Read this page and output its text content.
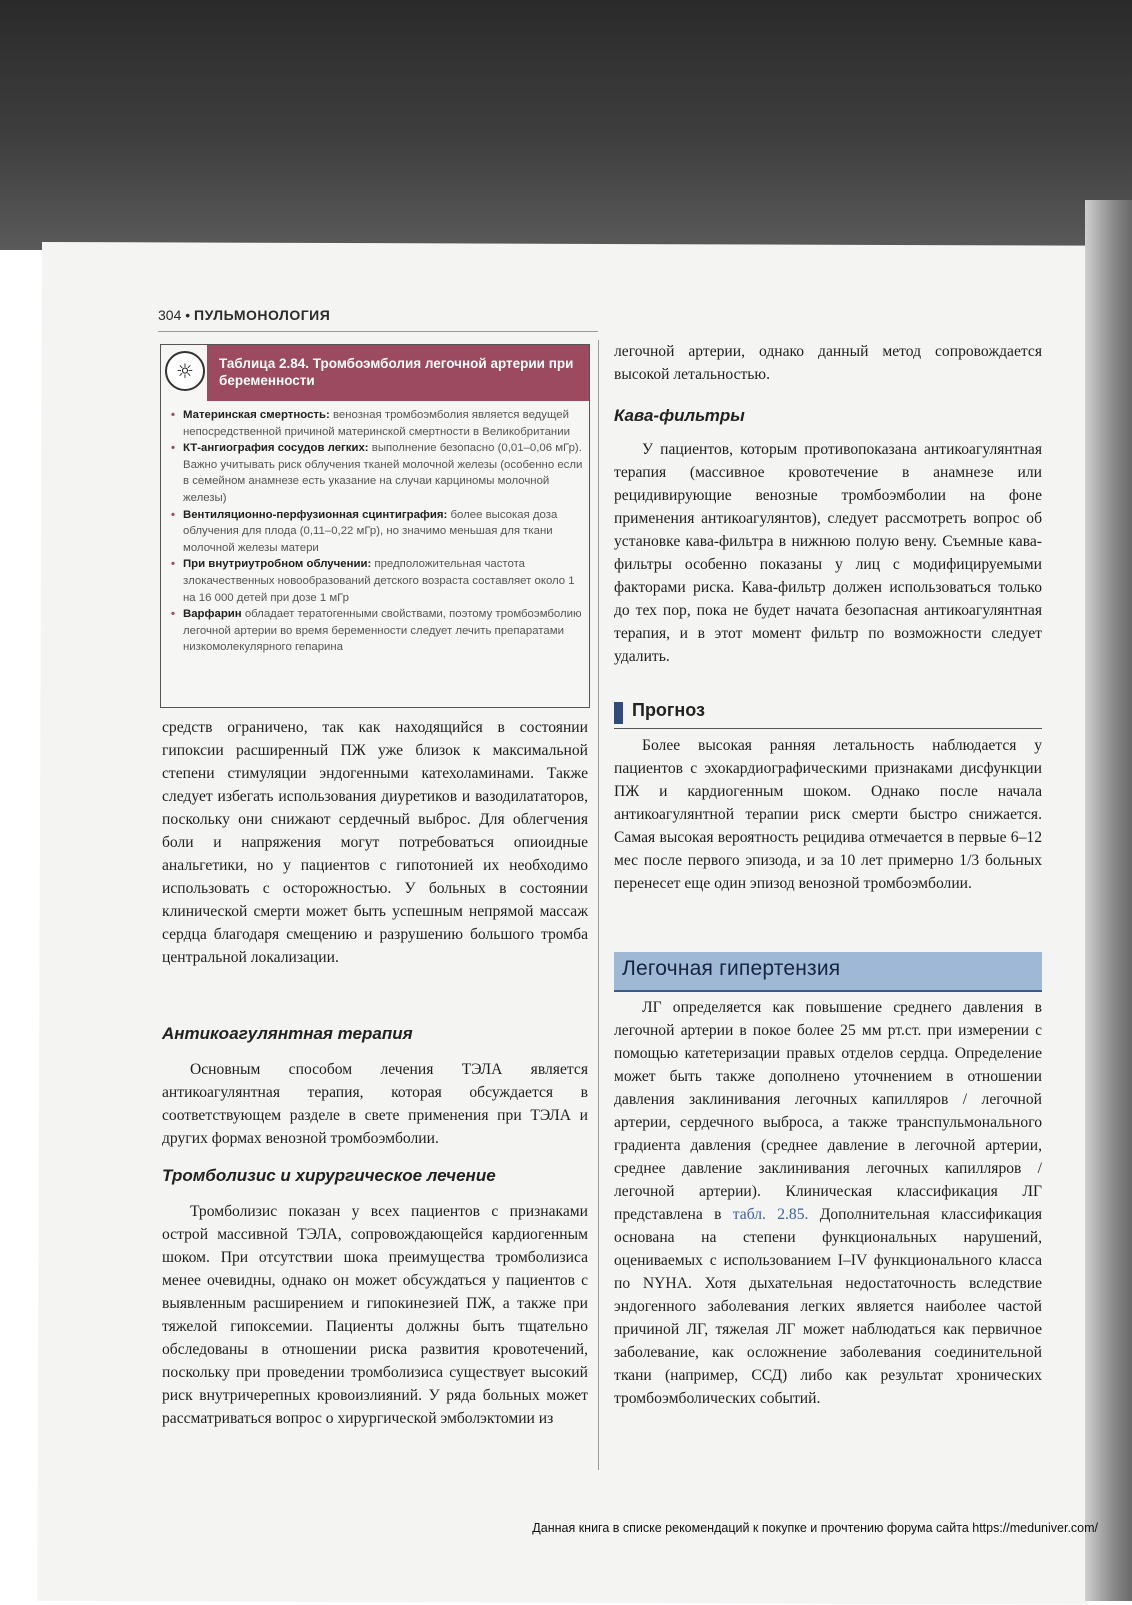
304 • ПУЛЬМОНОЛОГИЯ
☼	Таблица 2.84. Тромбоэмболия легочной артерии при беременности
• Материнская смертность: венозная тромбоэмболия является ведущей непосредственной причиной материнской смертности в Великобритании
• КТ-ангиография сосудов легких: выполнение безопасно (0,01–0,06 мГр). Важно учитывать риск облучения тканей молочной железы (особенно если в семейном анамнезе есть указание на случаи карциномы молочной железы)
• Вентиляционно-перфузионная сцинтиграфия: более высокая доза облучения для плода (0,11–0,22 мГр), но значимо меньшая для ткани молочной железы матери
• При внутриутробном облучении: предположительная частота злокачественных новообразований детского возраста составляет около 1 на 16 000 детей при дозе 1 мГр
• Варфарин обладает тератогенными свойствами, поэтому тромбоэмболию легочной артерии во время беременности следует лечить препаратами низкомолекулярного гепарина

средств ограничено, так как находящийся в состоянии гипоксии расширенный ПЖ уже близок к максимальной степени стимуляции эндогенными катехоламинами. Также следует избегать использования диуретиков и вазодилататоров, поскольку они снижают сердечный выброс. Для облегчения боли и напряжения могут потребоваться опиоидные анальгетики, но у пациентов с гипотонией их необходимо использовать с осторожностью. У больных в состоянии клинической смерти может быть успешным непрямой массаж сердца благодаря смещению и разрушению большого тромба центральной локализации.

Антикоагулянтная терапия

Основным способом лечения ТЭЛА является антикоагулянтная терапия, которая обсуждается в соответствующем разделе в свете применения при ТЭЛА и других формах венозной тромбоэмболии.

Тромболизис и хирургическое лечение

Тромболизис показан у всех пациентов с признаками острой массивной ТЭЛА, сопровождающейся кардиогенным шоком. При отсутствии шока преимущества тромболизиса менее очевидны, однако он может обсуждаться у пациентов с выявленным расширением и гипокинезией ПЖ, а также при тяжелой гипоксемии. Пациенты должны быть тщательно обследованы в отношении риска развития кровотечений, поскольку при проведении тромболизиса существует высокий риск внутричерепных кровоизлияний. У ряда больных может рассматриваться вопрос о хирургической эмболэктомии из

легочной артерии, однако данный метод сопровождается высокой летальностью.

Кава-фильтры

У пациентов, которым противопоказана антикоагулянтная терапия (массивное кровотечение в анамнезе или рецидивирующие венозные тромбоэмболии на фоне применения антикоагулянтов), следует рассмотреть вопрос об установке кава-фильтра в нижнюю полую вену. Съемные кава-фильтры особенно показаны у лиц с модифицируемыми факторами риска. Кава-фильтр должен использоваться только до тех пор, пока не будет начата безопасная антикоагулянтная терапия, и в этот момент фильтр по возможности следует удалить.

Прогноз

Более высокая ранняя летальность наблюдается у пациентов с эхокардиографическими признаками дисфункции ПЖ и кардиогенным шоком. Однако после начала антикоагулянтной терапии риск смерти быстро снижается. Самая высокая вероятность рецидива отмечается в первые 6–12 мес после первого эпизода, и за 10 лет примерно 1/3 больных перенесет еще один эпизод венозной тромбоэмболии.

Легочная гипертензия

ЛГ определяется как повышение среднего давления в легочной артерии в покое более 25 мм рт.ст. при измерении с помощью катетеризации правых отделов сердца. Определение может быть также дополнено уточнением в отношении давления заклинивания легочных капилляров / легочной артерии, сердечного выброса, а также транспульмонального градиента давления (среднее давление в легочной артерии, среднее давление заклинивания легочных капилляров / легочной артерии). Клиническая классификация ЛГ представлена в табл. 2.85. Дополнительная классификация основана на степени функциональных нарушений, оцениваемых с использованием I–IV функционального класса по NYHA. Хотя дыхательная недостаточность вследствие эндогенного заболевания легких является наиболее частой причиной ЛГ, тяжелая ЛГ может наблюдаться как первичное заболевание, как осложнение заболевания соединительной ткани (например, ССД) либо как результат хронических тромбоэмболических событий.

Данная книга в списке рекомендаций к покупке и прочтению форума сайта https://meduniver.com/
